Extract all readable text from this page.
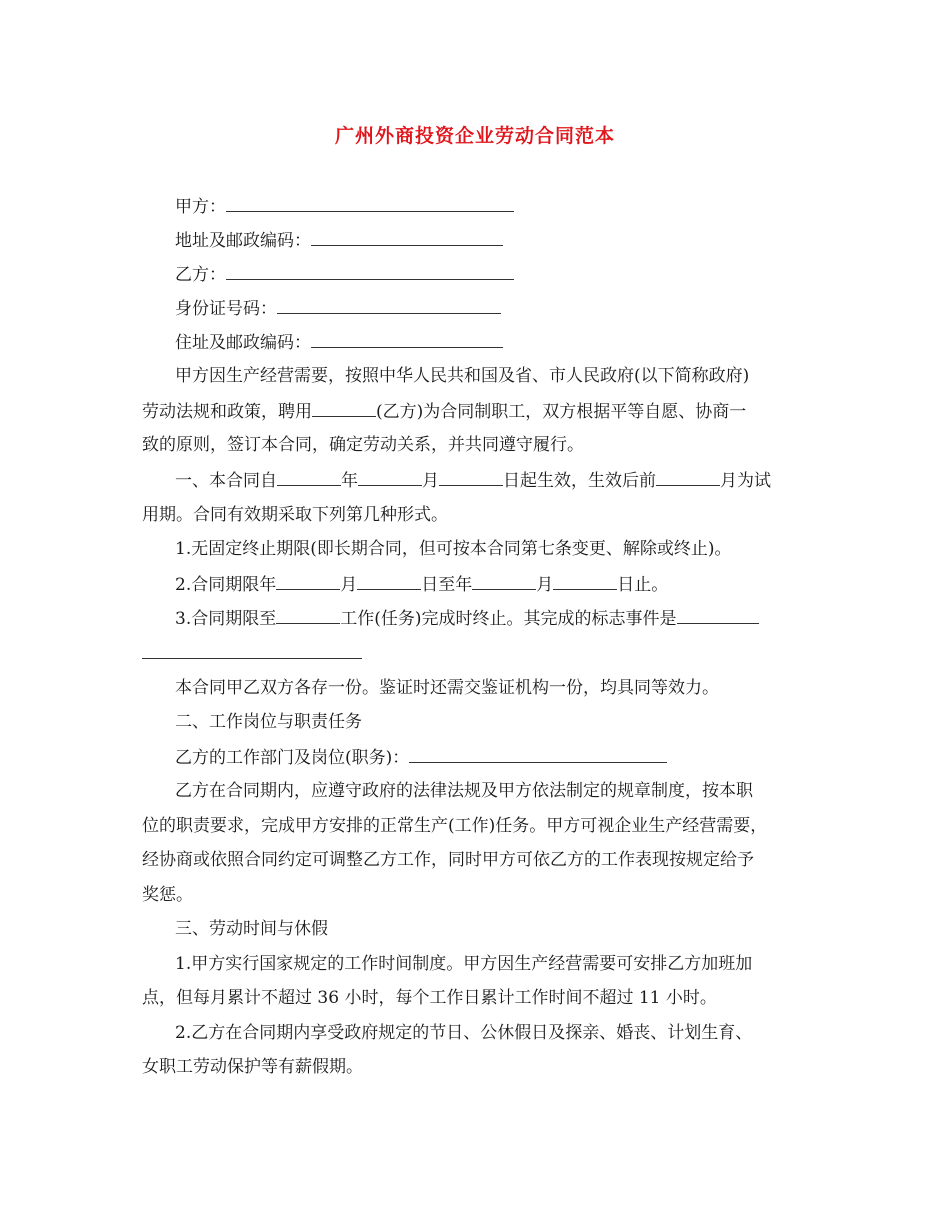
广州外商投资企业劳动合同范本
甲方：
地址及邮政编码：
乙方：
身份证号码：
住址及邮政编码：
甲方因生产经营需要，按照中华人民共和国及省、市人民政府(以下简称政府)
劳动法规和政策，聘用	(乙方)为合同制职工，双方根据平等自愿、协商一
致的原则，签订本合同，确定劳动关系，并共同遵守履行。
一、本合同自	年	月	日起生效，生效后前	月为试
用期。合同有效期采取下列第几种形式。
1.无固定终止期限(即长期合同，但可按本合同第七条变更、解除或终止)。
2.合同期限年	月	日至年	月	日止。
3.合同期限至	工作(任务)完成时终止。其完成的标志事件是
本合同甲乙双方各存一份。鉴证时还需交鉴证机构一份，均具同等效力。
二、工作岗位与职责任务
乙方的工作部门及岗位(职务)：
乙方在合同期内，应遵守政府的法律法规及甲方依法制定的规章制度，按本职
位的职责要求，完成甲方安排的正常生产(工作)任务。甲方可视企业生产经营需要，
经协商或依照合同约定可调整乙方工作，同时甲方可依乙方的工作表现按规定给予
奖惩。
三、劳动时间与休假
1.甲方实行国家规定的工作时间制度。甲方因生产经营需要可安排乙方加班加
点，但每月累计不超过 36 小时，每个工作日累计工作时间不超过 11 小时。
2.乙方在合同期内享受政府规定的节日、公休假日及探亲、婚丧、计划生育、
女职工劳动保护等有薪假期。
